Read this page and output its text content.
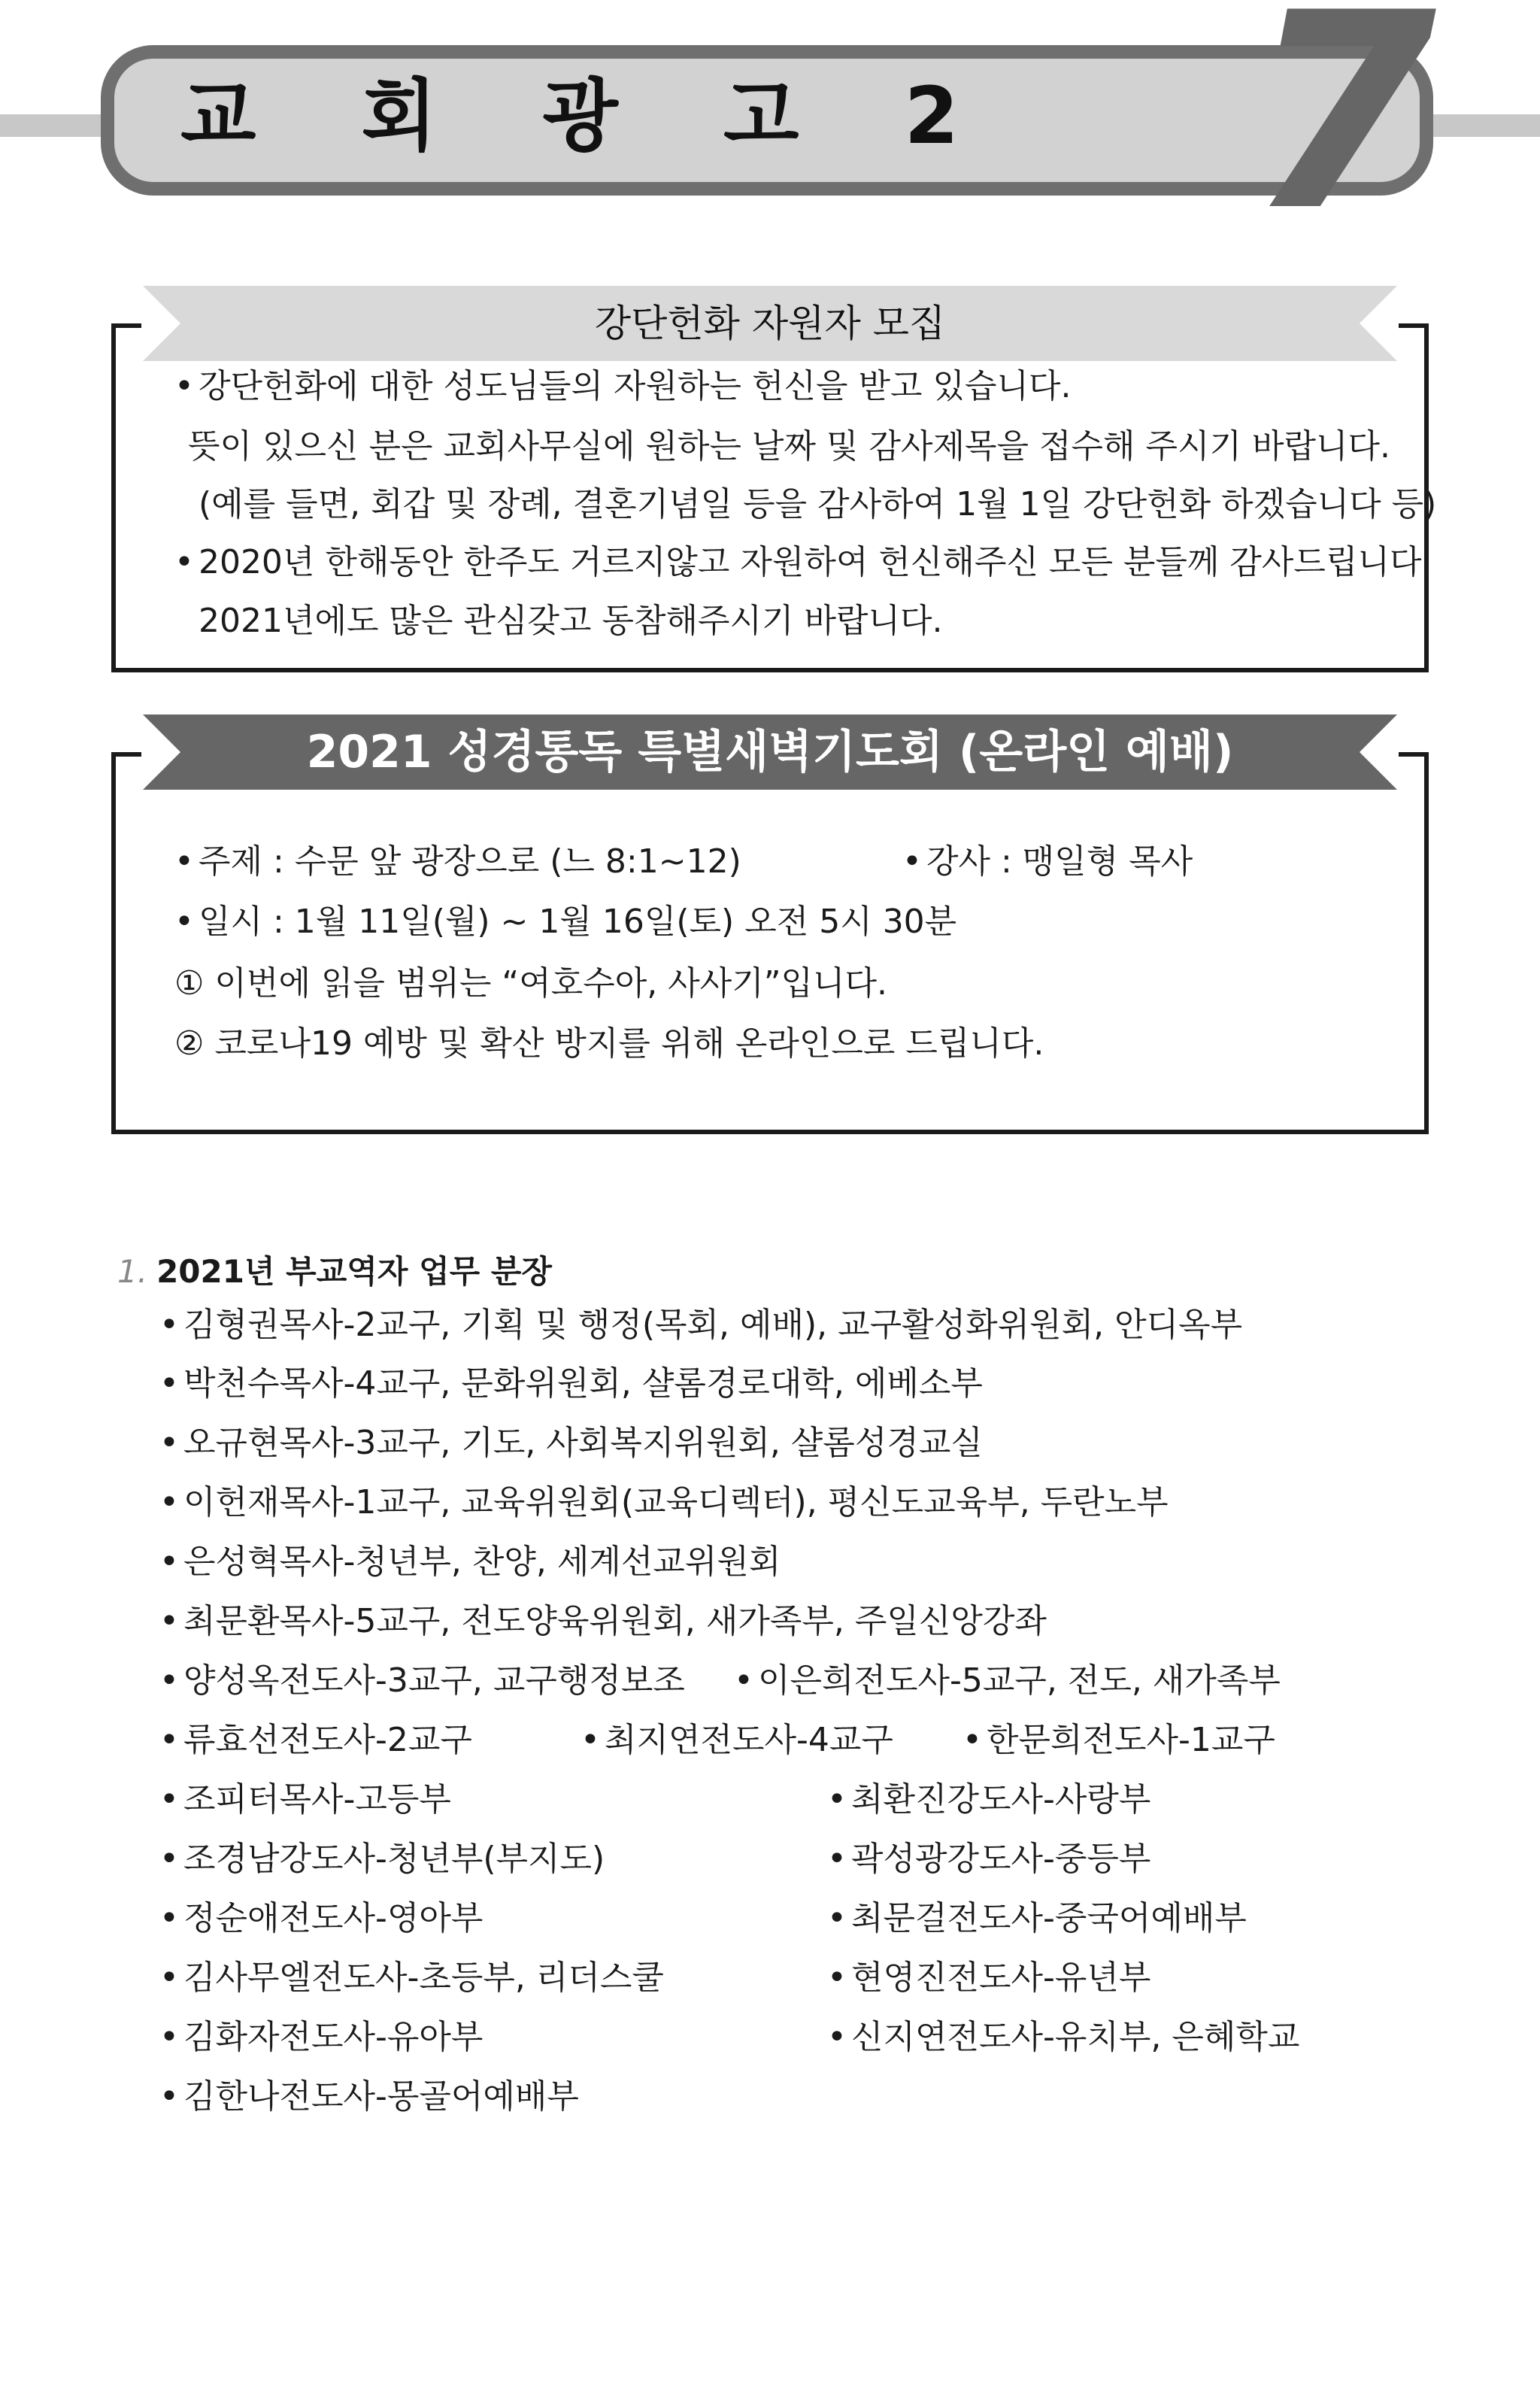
교 회 광 고 2 7
강단헌화 자원자 모집
• 강단헌화에 대한 성도님들의 자원하는 헌신을 받고 있습니다.
뜻이 있으신 분은 교회사무실에 원하는 날짜 및 감사제목을 접수해 주시기 바랍니다.
(예를 들면, 회갑 및 장례, 결혼기념일 등을 감사하여 1월 1일 강단헌화 하겠습니다 등)
• 2020년 한해동안 한주도 거르지않고 자원하여 헌신해주신 모든 분들께 감사드립니다.
2021년에도 많은 관심갖고 동참해주시기 바랍니다.
2021 성경통독 특별새벽기도회 (온라인 예배)
• 주제 : 수문 앞 광장으로 (느 8:1~12)	• 강사 : 맹일형 목사
• 일시 : 1월 11일(월) ~ 1월 16일(토) 오전 5시 30분
① 이번에 읽을 범위는 “여호수아, 사사기”입니다.
② 코로나19 예방 및 확산 방지를 위해 온라인으로 드립니다.
1. 2021년 부교역자 업무 분장
• 김형권목사-2교구, 기획 및 행정(목회, 예배), 교구활성화위원회, 안디옥부
• 박천수목사-4교구, 문화위원회, 샬롬경로대학, 에베소부
• 오규현목사-3교구, 기도, 사회복지위원회, 샬롬성경교실
• 이헌재목사-1교구, 교육위원회(교육디렉터), 평신도교육부, 두란노부
• 은성혁목사-청년부, 찬양, 세계선교위원회
• 최문환목사-5교구, 전도양육위원회, 새가족부, 주일신앙강좌
• 양성옥전도사-3교구, 교구행정보조	• 이은희전도사-5교구, 전도, 새가족부
• 류효선전도사-2교구	• 최지연전도사-4교구	• 한문희전도사-1교구
• 조피터목사-고등부	• 최환진강도사-사랑부
• 조경남강도사-청년부(부지도)	• 곽성광강도사-중등부
• 정순애전도사-영아부	• 최문걸전도사-중국어예배부
• 김사무엘전도사-초등부, 리더스쿨	• 현영진전도사-유년부
• 김화자전도사-유아부	• 신지연전도사-유치부, 은혜학교
• 김한나전도사-몽골어예배부
